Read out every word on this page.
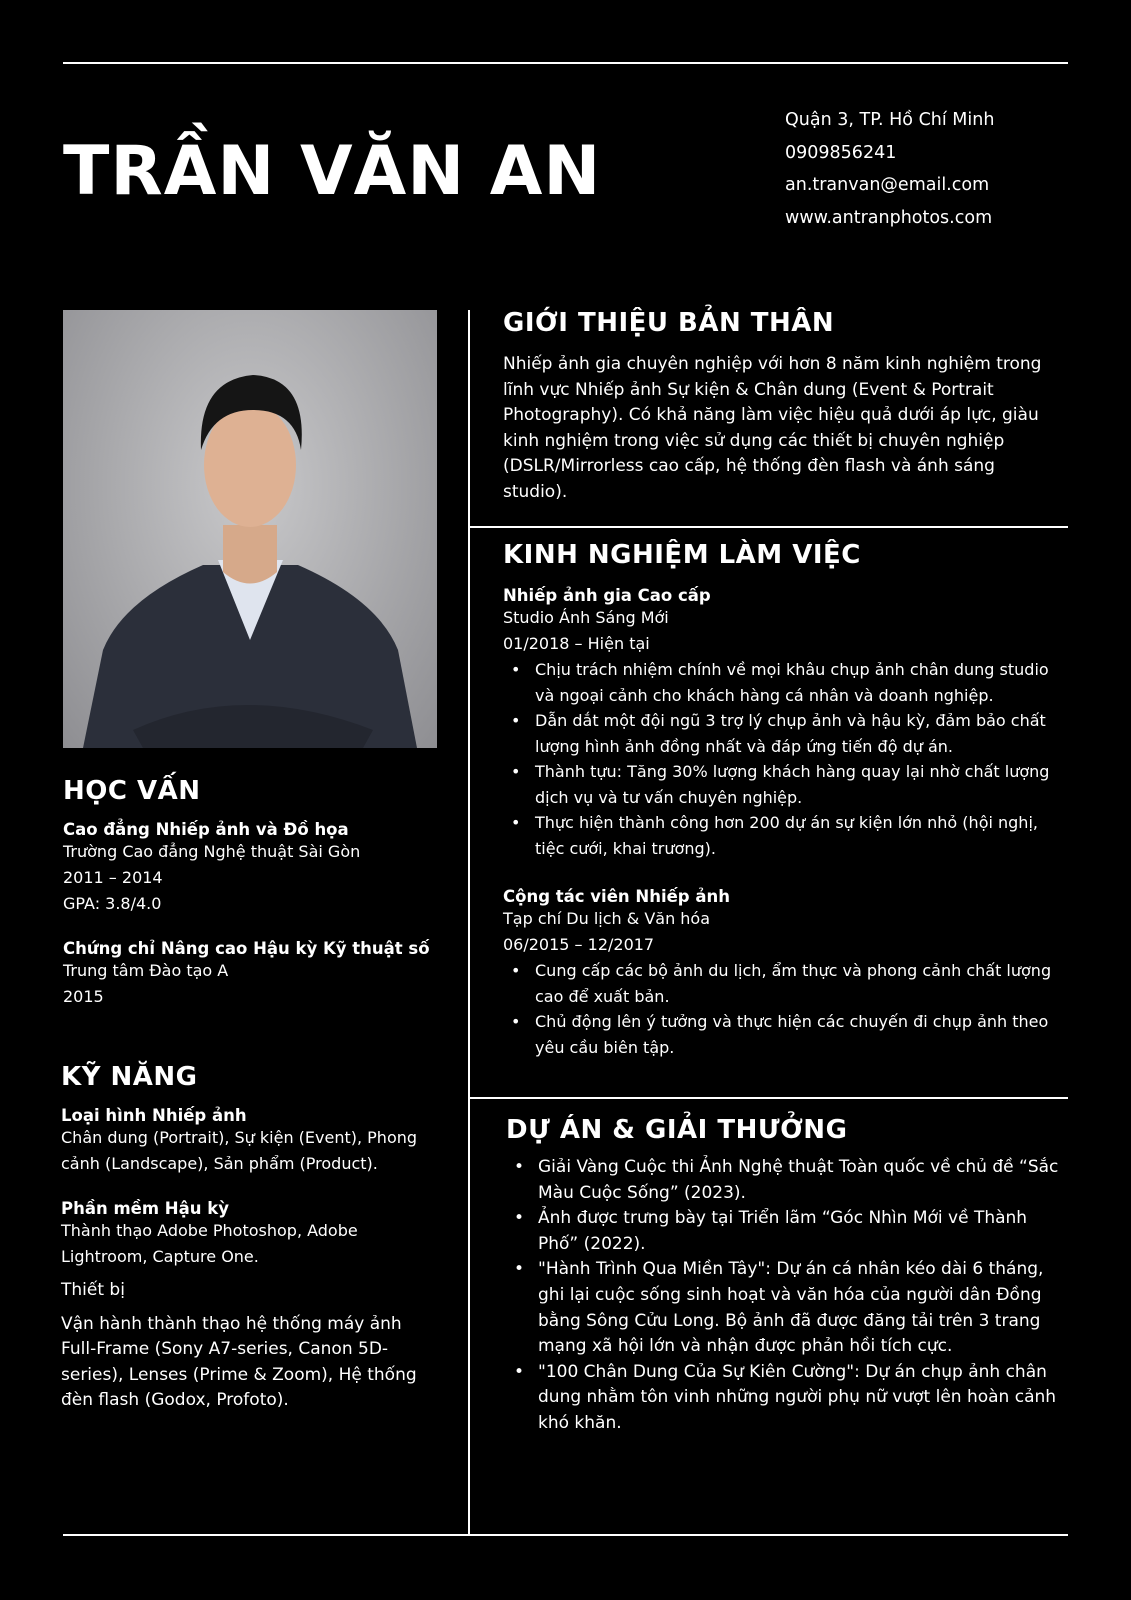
TRẦN VĂN AN
Quận 3, TP. Hồ Chí Minh
0909856241
an.tranvan@email.com
www.antranphotos.com
HỌC VẤN
Cao đẳng Nhiếp ảnh và Đồ họa
Trường Cao đẳng Nghệ thuật Sài Gòn
2011 – 2014
GPA: 3.8/4.0
Chứng chỉ Nâng cao Hậu kỳ Kỹ thuật số
Trung tâm Đào tạo A
2015
KỸ NĂNG
Loại hình Nhiếp ảnh
Chân dung (Portrait), Sự kiện (Event), Phong cảnh (Landscape), Sản phẩm (Product).
Phần mềm Hậu kỳ
Thành thạo Adobe Photoshop, Adobe Lightroom, Capture One.
Thiết bị
Vận hành thành thạo hệ thống máy ảnh Full-Frame (Sony A7-series, Canon 5D-series), Lenses (Prime & Zoom), Hệ thống đèn flash (Godox, Profoto).
GIỚI THIỆU BẢN THÂN
Nhiếp ảnh gia chuyên nghiệp với hơn 8 năm kinh nghiệm trong lĩnh vực Nhiếp ảnh Sự kiện & Chân dung (Event & Portrait Photography). Có khả năng làm việc hiệu quả dưới áp lực, giàu kinh nghiệm trong việc sử dụng các thiết bị chuyên nghiệp (DSLR/Mirrorless cao cấp, hệ thống đèn flash và ánh sáng studio).
KINH NGHIỆM LÀM VIỆC
Nhiếp ảnh gia Cao cấp
Studio Ánh Sáng Mới
01/2018 – Hiện tại
• Chịu trách nhiệm chính về mọi khâu chụp ảnh chân dung studio và ngoại cảnh cho khách hàng cá nhân và doanh nghiệp.
• Dẫn dắt một đội ngũ 3 trợ lý chụp ảnh và hậu kỳ, đảm bảo chất lượng hình ảnh đồng nhất và đáp ứng tiến độ dự án.
• Thành tựu: Tăng 30% lượng khách hàng quay lại nhờ chất lượng dịch vụ và tư vấn chuyên nghiệp.
• Thực hiện thành công hơn 200 dự án sự kiện lớn nhỏ (hội nghị, tiệc cưới, khai trương).
Cộng tác viên Nhiếp ảnh
Tạp chí Du lịch & Văn hóa
06/2015 – 12/2017
• Cung cấp các bộ ảnh du lịch, ẩm thực và phong cảnh chất lượng cao để xuất bản.
• Chủ động lên ý tưởng và thực hiện các chuyến đi chụp ảnh theo yêu cầu biên tập.
DỰ ÁN & GIẢI THƯỞNG
• Giải Vàng Cuộc thi Ảnh Nghệ thuật Toàn quốc về chủ đề “Sắc Màu Cuộc Sống” (2023).
• Ảnh được trưng bày tại Triển lãm “Góc Nhìn Mới về Thành Phố” (2022).
• "Hành Trình Qua Miền Tây": Dự án cá nhân kéo dài 6 tháng, ghi lại cuộc sống sinh hoạt và văn hóa của người dân Đồng bằng Sông Cửu Long. Bộ ảnh đã được đăng tải trên 3 trang mạng xã hội lớn và nhận được phản hồi tích cực.
• "100 Chân Dung Của Sự Kiên Cường": Dự án chụp ảnh chân dung nhằm tôn vinh những người phụ nữ vượt lên hoàn cảnh khó khăn.
